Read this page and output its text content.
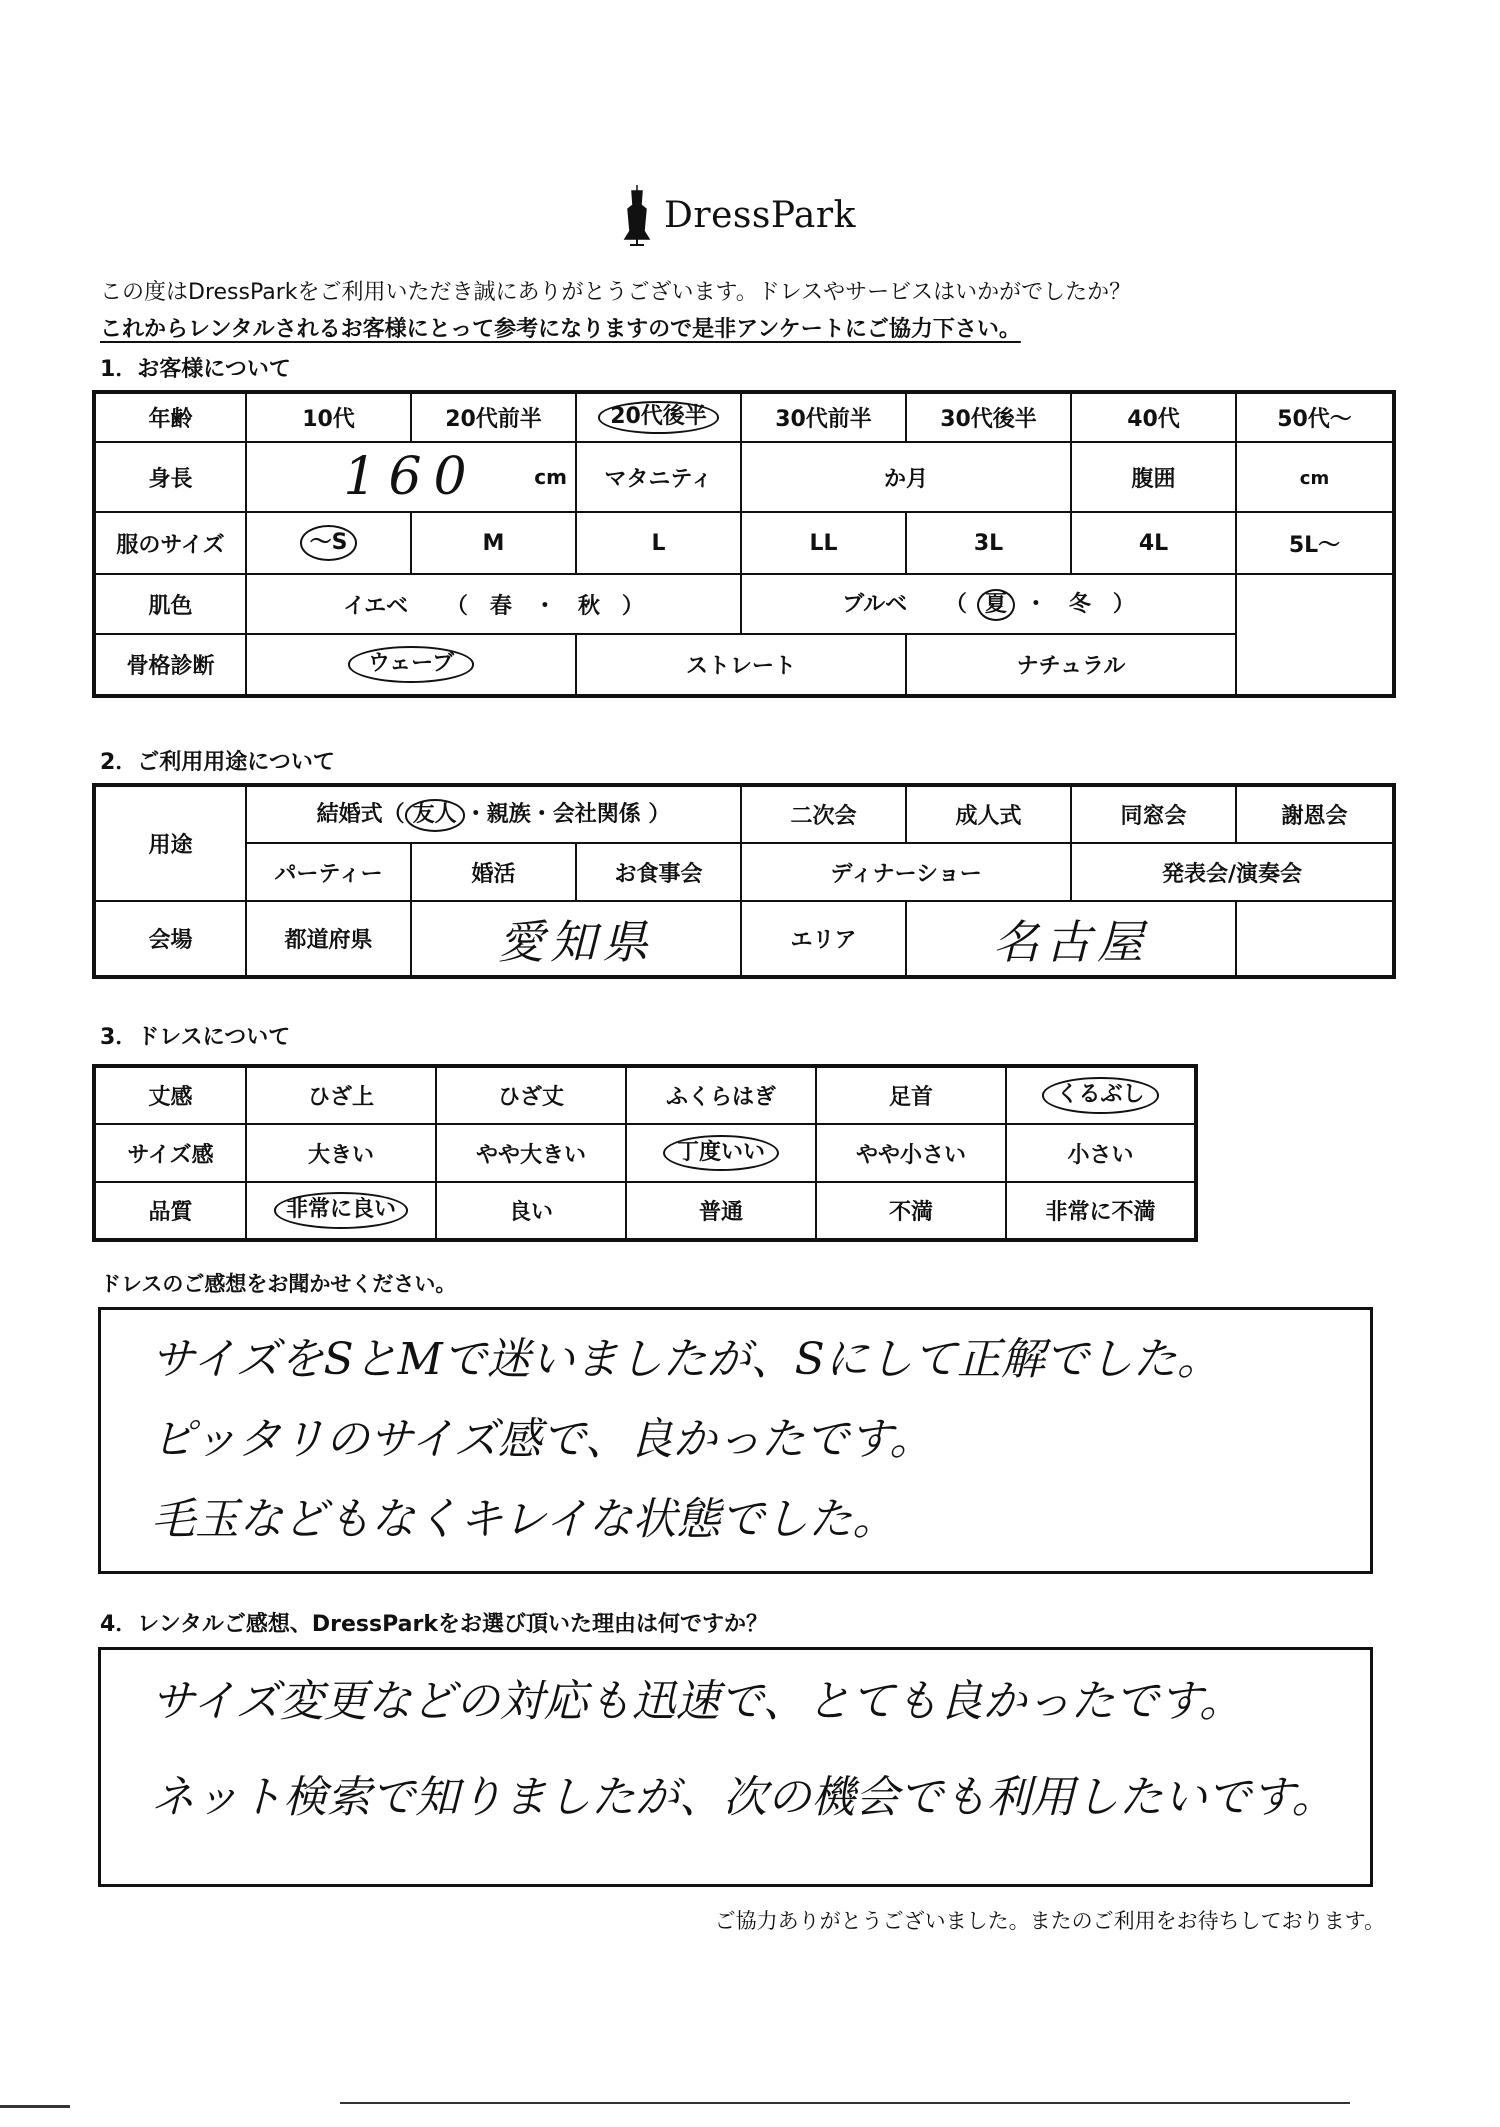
DressPark
この度はDressParkをご利用いただき誠にありがとうございます。ドレスやサービスはいかがでしたか？
これからレンタルされるお客様にとって参考になりますので是非アンケートにご協力下さい。
1．お客様について
年齢	10代	20代前半	20代後半	30代前半	30代後半	40代	50代～
身長	160 cm		マタニティ	か月		腹囲	cm
服のサイズ	～S	M	L	LL	3L	4L	5L～
肌色	イエベ （ 春 ・ 秋 ）			ブルベ （ 夏 ・ 冬 ）			
骨格診断	ウェーブ		ストレート		ナチュラル		
2．ご利用用途について
用途	結婚式（ 友人 ・親族・会社関係 ）			二次会	成人式	同窓会	謝恩会
	パーティー	婚活	お食事会	ディナーショー		発表会/演奏会	
会場	都道府県	愛知県		エリア	名古屋		
3．ドレスについて
丈感	ひざ上	ひざ丈	ふくらはぎ	足首	くるぶし
サイズ感	大きい	やや大きい	丁度いい	やや小さい	小さい
品質	非常に良い	良い	普通	不満	非常に不満
ドレスのご感想をお聞かせください。
サイズをSとMで迷いましたが、Sにして正解でした。
ピッタリのサイズ感で、良かったです。
毛玉などもなくキレイな状態でした。
4．レンタルご感想、DressParkをお選び頂いた理由は何ですか？
サイズ変更などの対応も迅速で、とても良かったです。
ネット検索で知りましたが、次の機会でも利用したいです。
ご協力ありがとうございました。またのご利用をお待ちしております。
